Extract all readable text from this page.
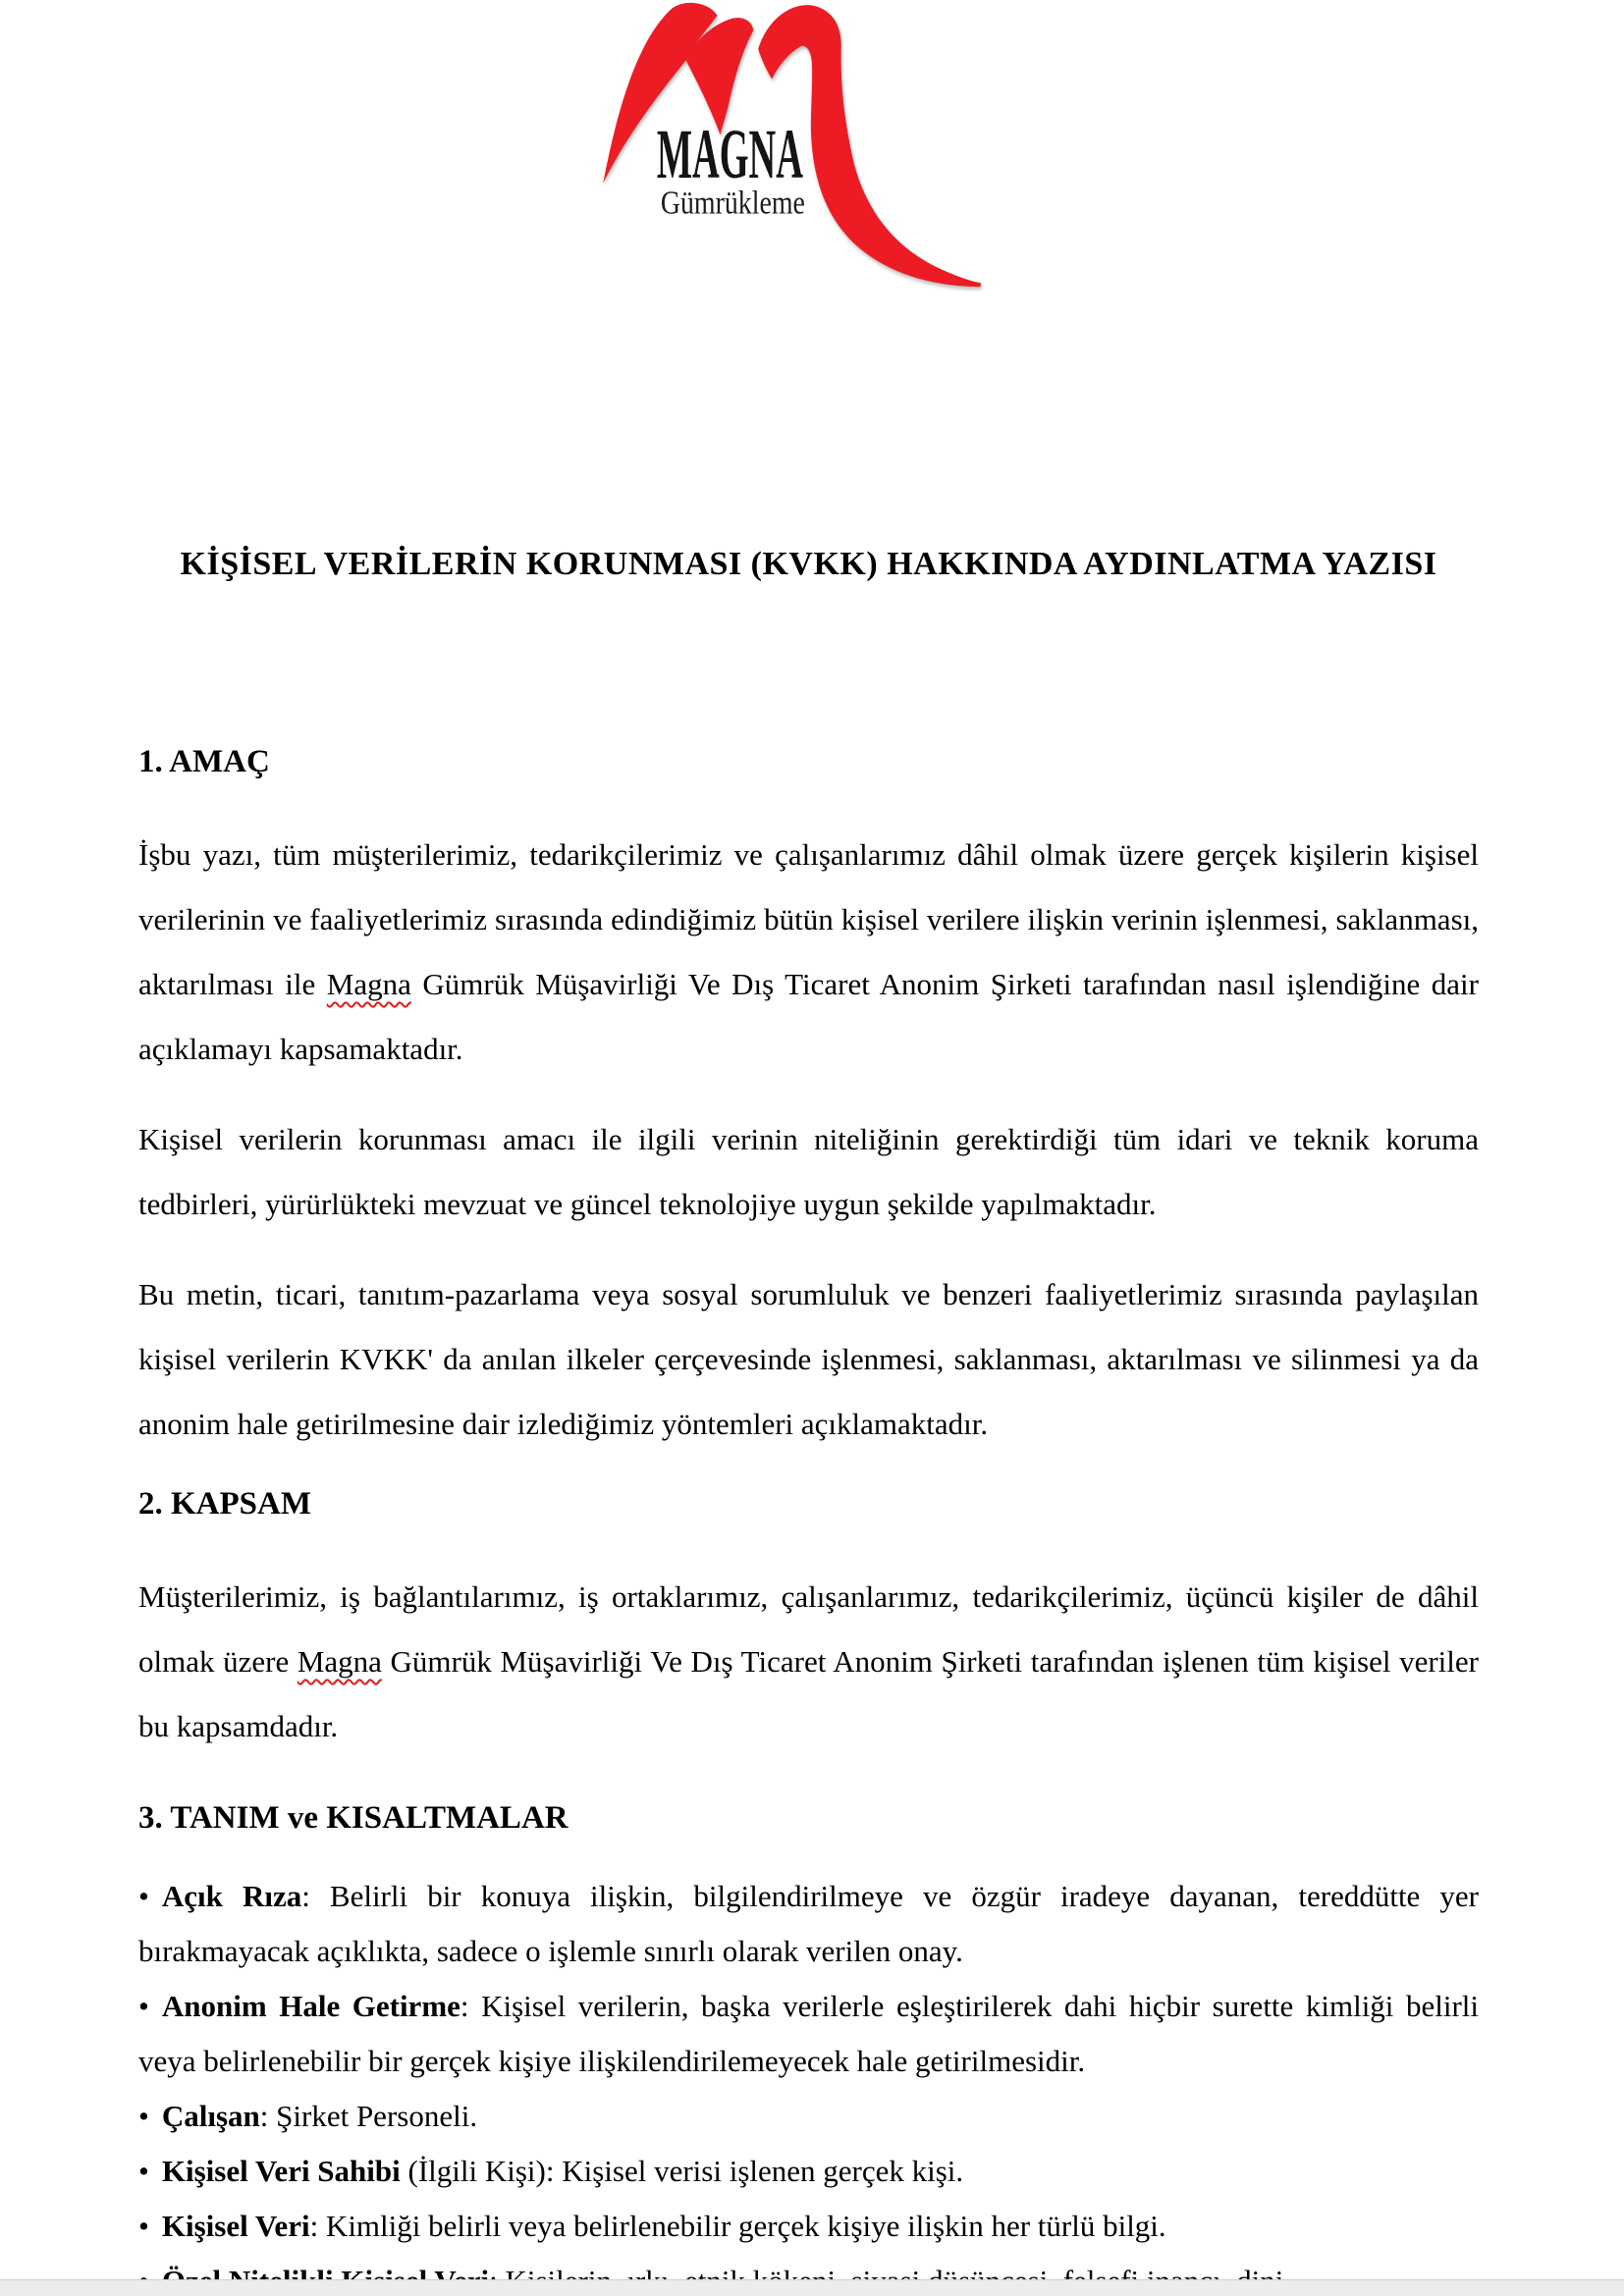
MAGNA
Gümrükleme
KİŞİSEL VERİLERİN KORUNMASI (KVKK) HAKKINDA AYDINLATMA YAZISI
1. AMAÇ

İşbu yazı, tüm müşterilerimiz, tedarikçilerimiz ve çalışanlarımız dâhil olmak üzere gerçek kişilerin kişisel verilerinin ve faaliyetlerimiz sırasında edindiğimiz bütün kişisel verilere ilişkin verinin işlenmesi, saklanması, aktarılması ile Magna Gümrük Müşavirliği Ve Dış Ticaret Anonim Şirketi tarafından nasıl işlendiğine dair açıklamayı kapsamaktadır.

Kişisel verilerin korunması amacı ile ilgili verinin niteliğinin gerektirdiği tüm idari ve teknik koruma tedbirleri, yürürlükteki mevzuat ve güncel teknolojiye uygun şekilde yapılmaktadır.

Bu metin, ticari, tanıtım-pazarlama veya sosyal sorumluluk ve benzeri faaliyetlerimiz sırasında paylaşılan kişisel verilerin KVKK' da anılan ilkeler çerçevesinde işlenmesi, saklanması, aktarılması ve silinmesi ya da anonim hale getirilmesine dair izlediğimiz yöntemleri açıklamaktadır.

2. KAPSAM

Müşterilerimiz, iş bağlantılarımız, iş ortaklarımız, çalışanlarımız, tedarikçilerimiz, üçüncü kişiler de dâhil olmak üzere Magna Gümrük Müşavirliği Ve Dış Ticaret Anonim Şirketi tarafından işlenen tüm kişisel veriler bu kapsamdadır.

3. TANIM ve KISALTMALAR

• Açık Rıza: Belirli bir konuya ilişkin, bilgilendirilmeye ve özgür iradeye dayanan, tereddütte yer bırakmayacak açıklıkta, sadece o işlemle sınırlı olarak verilen onay.

• Anonim Hale Getirme: Kişisel verilerin, başka verilerle eşleştirilerek dahi hiçbir surette kimliği belirli veya belirlenebilir bir gerçek kişiye ilişkilendirilemeyecek hale getirilmesidir.

• Çalışan: Şirket Personeli.

• Kişisel Veri Sahibi (İlgili Kişi): Kişisel verisi işlenen gerçek kişi.

• Kişisel Veri: Kimliği belirli veya belirlenebilir gerçek kişiye ilişkin her türlü bilgi.
